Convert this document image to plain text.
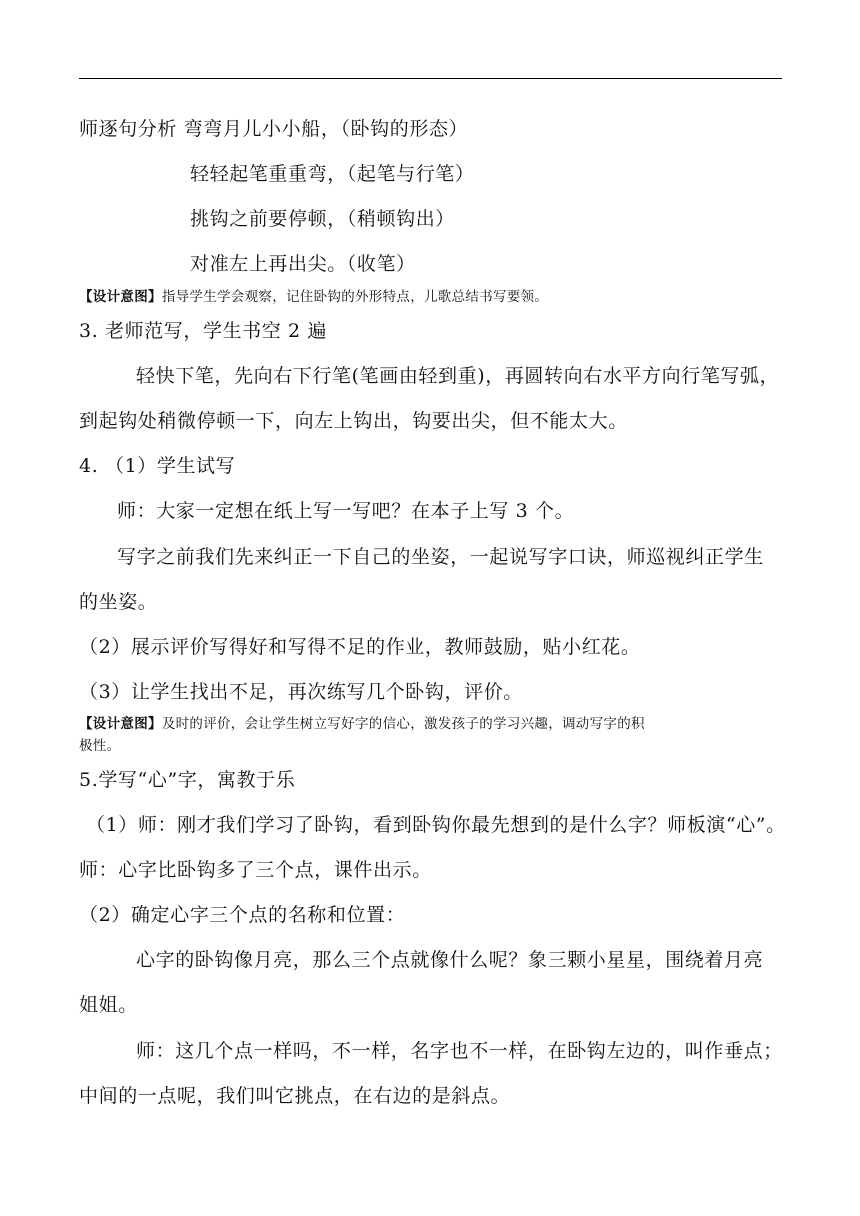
师逐句分析 弯弯月儿小小船，（卧钩的形态）
轻轻起笔重重弯，（起笔与行笔）
挑钩之前要停顿，（稍顿钩出）
对准左上再出尖。（收笔）
【设计意图】指导学生学会观察，记住卧钩的外形特点，儿歌总结书写要领。
3. 老师范写，学生书空 2 遍
轻快下笔，先向右下行笔(笔画由轻到重)，再圆转向右水平方向行笔写弧，
到起钩处稍微停顿一下，向左上钩出，钩要出尖，但不能太大。
4. （1）学生试写
师：大家一定想在纸上写一写吧？在本子上写 3 个。
写字之前我们先来纠正一下自己的坐姿，一起说写字口诀，师巡视纠正学生
的坐姿。
（2）展示评价写得好和写得不足的作业，教师鼓励，贴小红花。
（3）让学生找出不足，再次练写几个卧钩，评价。
【设计意图】及时的评价，会让学生树立写好字的信心，激发孩子的学习兴趣，调动写字的积
极性。
5.学写“心”字，寓教于乐
（1）师：刚才我们学习了卧钩，看到卧钩你最先想到的是什么字？师板演“心”。
师：心字比卧钩多了三个点，课件出示。
（2）确定心字三个点的名称和位置：
心字的卧钩像月亮，那么三个点就像什么呢？象三颗小星星，围绕着月亮
姐姐。
师：这几个点一样吗，不一样，名字也不一样，在卧钩左边的，叫作垂点；
中间的一点呢，我们叫它挑点，在右边的是斜点。
